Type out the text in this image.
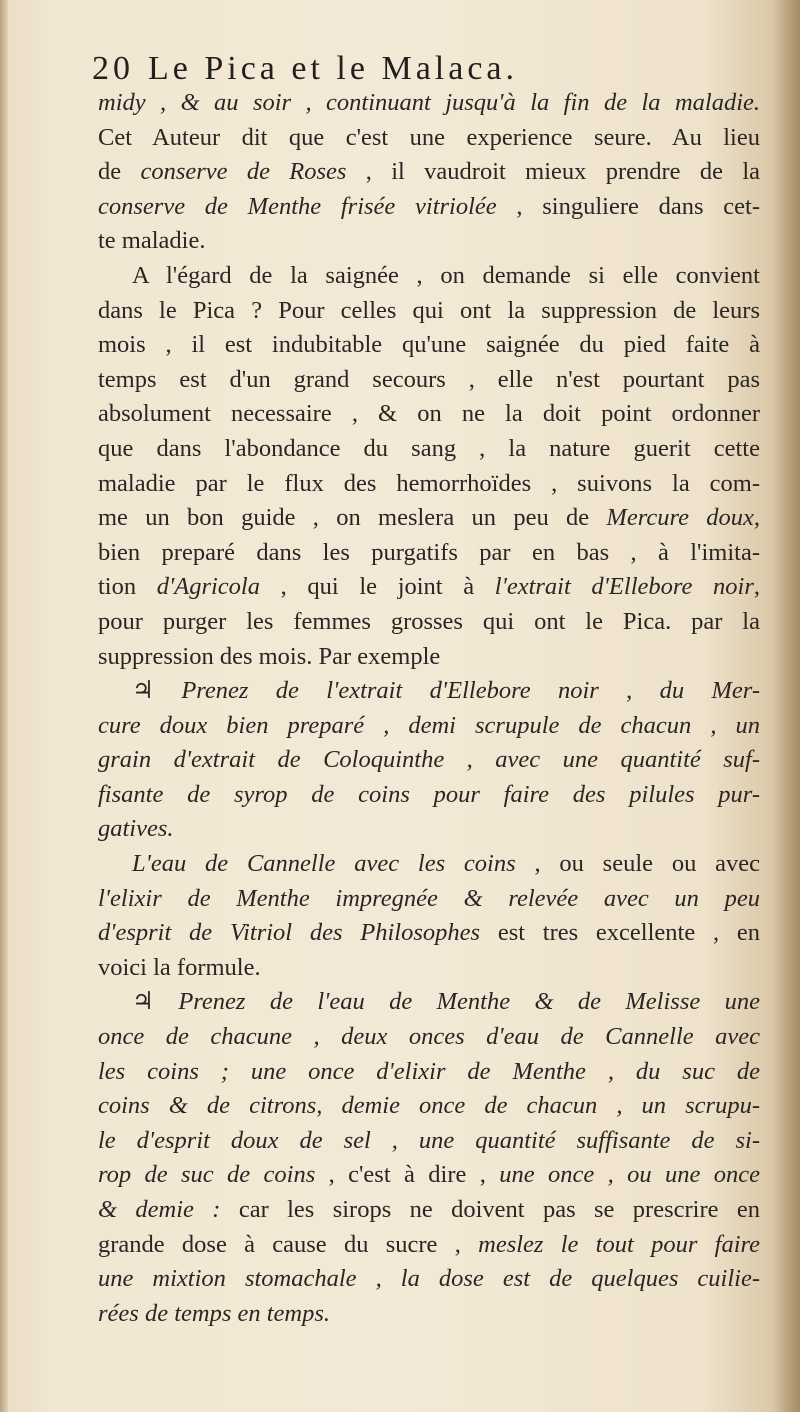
20 Le Pica et le Malaca.
midy , & au soir , continuant jusqu'à la fin de la maladie.
Cet Auteur dit que c'est une experience seure. Au lieu
de conserve de Roses , il vaudroit mieux prendre de la
conserve de Menthe frisée vitriolée , singuliere dans cet-
te maladie.
A l'égard de la saignée , on demande si elle convient
dans le Pica ? Pour celles qui ont la suppression de leurs
mois , il est indubitable qu'une saignée du pied faite à
temps est d'un grand secours , elle n'est pourtant pas
absolument necessaire , & on ne la doit point ordonner
que dans l'abondance du sang , la nature guerit cette
maladie par le flux des hemorrhoïdes , suivons la com-
me un bon guide , on meslera un peu de Mercure doux,
bien preparé dans les purgatifs par en bas , à l'imita-
tion d'Agricola , qui le joint à l'extrait d'Ellebore noir,
pour purger les femmes grosses qui ont le Pica. par la
suppression des mois. Par exemple
♃ Prenez de l'extrait d'Ellebore noir , du Mer-
cure doux bien preparé , demi scrupule de chacun , un
grain d'extrait de Coloquinthe , avec une quantité suf-
fisante de syrop de coins pour faire des pilules pur-
gatives.
L'eau de Cannelle avec les coins , ou seule ou avec
l'elixir de Menthe impregnée & relevée avec un peu
d'esprit de Vitriol des Philosophes est tres excellente , en
voici la formule.
♃ Prenez de l'eau de Menthe & de Melisse une
once de chacune , deux onces d'eau de Cannelle avec
les coins ; une once d'elixir de Menthe , du suc de
coins & de citrons, demie once de chacun , un scrupu-
le d'esprit doux de sel , une quantité suffisante de si-
rop de suc de coins , c'est à dire , une once , ou une once
& demie : car les sirops ne doivent pas se prescrire en
grande dose à cause du sucre , meslez le tout pour faire
une mixtion stomachale , la dose est de quelques cuilie-
rées de temps en temps.
